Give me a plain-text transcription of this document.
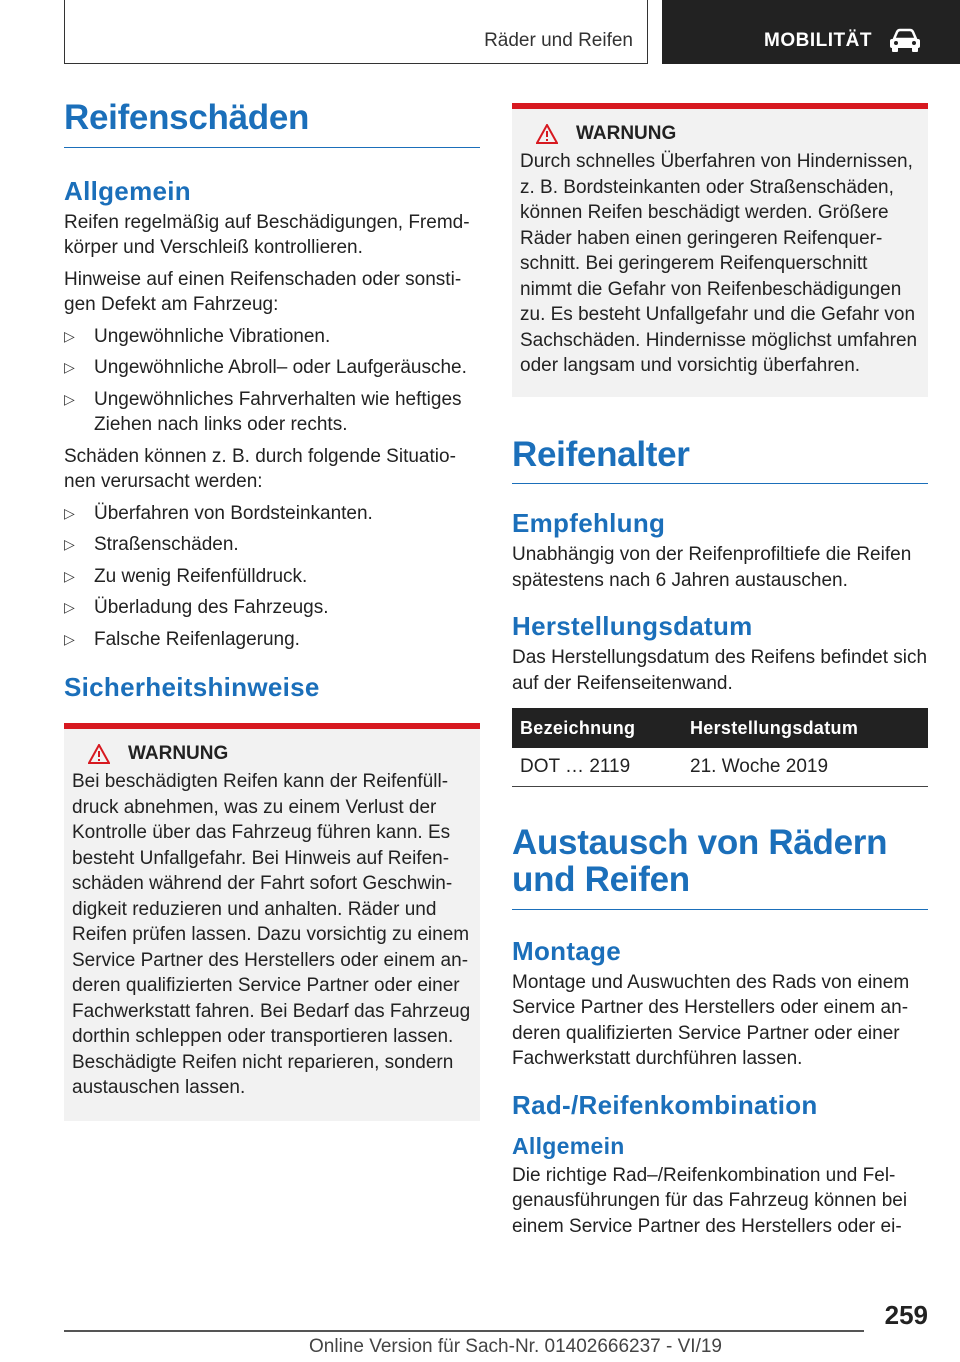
Räder und Reifen	MOBILITÄT
Reifenschäden
Allgemein

Reifen regelmäßig auf Beschädigungen, Fremdkörper und Verschleiß kontrollieren.

Hinweise auf einen Reifenschaden oder sonstigen Defekt am Fahrzeug:

▷ Ungewöhnliche Vibrationen.
▷ Ungewöhnliche Abroll– oder Laufgeräusche.
▷ Ungewöhnliches Fahrverhalten wie heftiges Ziehen nach links oder rechts.

Schäden können z. B. durch folgende Situationen verursacht werden:

▷ Überfahren von Bordsteinkanten.
▷ Straßenschäden.
▷ Zu wenig Reifenfülldruck.
▷ Überladung des Fahrzeugs.
▷ Falsche Reifenlagerung.
Sicherheitshinweise
WARNUNG

Bei beschädigten Reifen kann der Reifenfülldruck abnehmen, was zu einem Verlust der Kontrolle über das Fahrzeug führen kann. Es besteht Unfallgefahr. Bei Hinweis auf Reifenschäden während der Fahrt sofort Geschwindigkeit reduzieren und anhalten. Räder und Reifen prüfen lassen. Dazu vorsichtig zu einem Service Partner des Herstellers oder einem anderen qualifizierten Service Partner oder einer Fachwerkstatt fahren. Bei Bedarf das Fahrzeug dorthin schleppen oder transportieren lassen. Beschädigte Reifen nicht reparieren, sondern austauschen lassen.

WARNUNG

Durch schnelles Überfahren von Hindernissen, z. B. Bordsteinkanten oder Straßenschäden, können Reifen beschädigt werden. Größere Räder haben einen geringeren Reifenquerschnitt. Bei geringerem Reifenquerschnitt nimmt die Gefahr von Reifenbeschädigungen zu. Es besteht Unfallgefahr und die Gefahr von Sachschäden. Hindernisse möglichst umfahren oder langsam und vorsichtig überfahren.

Reifenalter
Empfehlung

Unabhängig von der Reifenprofiltiefe die Reifen spätestens nach 6 Jahren austauschen.

Herstellungsdatum

Das Herstellungsdatum des Reifens befindet sich auf der Reifenseitenwand.

Bezeichnung	Herstellungsdatum
DOT … 2119	21. Woche 2019
Austausch von Rädern und Reifen
Montage

Montage und Auswuchten des Rads von einem Service Partner des Herstellers oder einem anderen qualifizierten Service Partner oder einer Fachwerkstatt durchführen lassen.

Rad-/Reifenkombination
Allgemein

Die richtige Rad–/Reifenkombination und Felgenausführungen für das Fahrzeug können bei einem Service Partner des Herstellers oder ei-

259
Online Version für Sach-Nr. 01402666237 - VI/19
